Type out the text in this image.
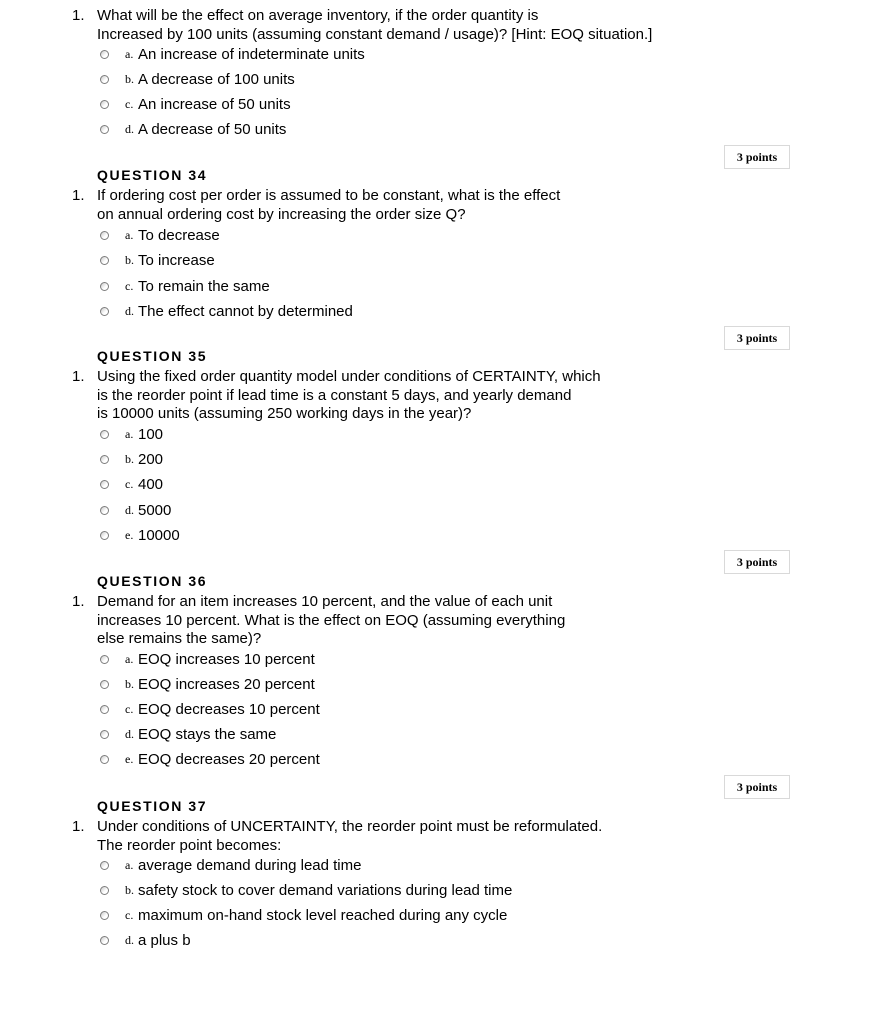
1. What will be the effect on average inventory, if the order quantity is
Increased by 100 units (assuming constant demand / usage)? [Hint: EOQ situation.]
a. An increase of indeterminate units
b. A decrease of 100 units
c. An increase of 50 units
d. A decrease of 50 units
3 points
QUESTION 34
1. If ordering cost per order is assumed to be constant, what is the effect
on annual ordering cost by increasing the order size Q?
a. To decrease
b. To increase
c. To remain the same
d. The effect cannot by determined
3 points
QUESTION 35
1. Using the fixed order quantity model under conditions of CERTAINTY, which
is the reorder point if lead time is a constant 5 days, and yearly demand
is 10000 units (assuming 250 working days in the year)?
a. 100
b. 200
c. 400
d. 5000
e. 10000
3 points
QUESTION 36
1. Demand for an item increases 10 percent, and the value of each unit
increases 10 percent. What is the effect on EOQ (assuming everything
else remains the same)?
a. EOQ increases 10 percent
b. EOQ increases 20 percent
c. EOQ decreases 10 percent
d. EOQ stays the same
e. EOQ decreases 20 percent
3 points
QUESTION 37
1. Under conditions of UNCERTAINTY, the reorder point must be reformulated.
The reorder point becomes:
a. average demand during lead time
b. safety stock to cover demand variations during lead time
c. maximum on-hand stock level reached during any cycle
d. a plus b
